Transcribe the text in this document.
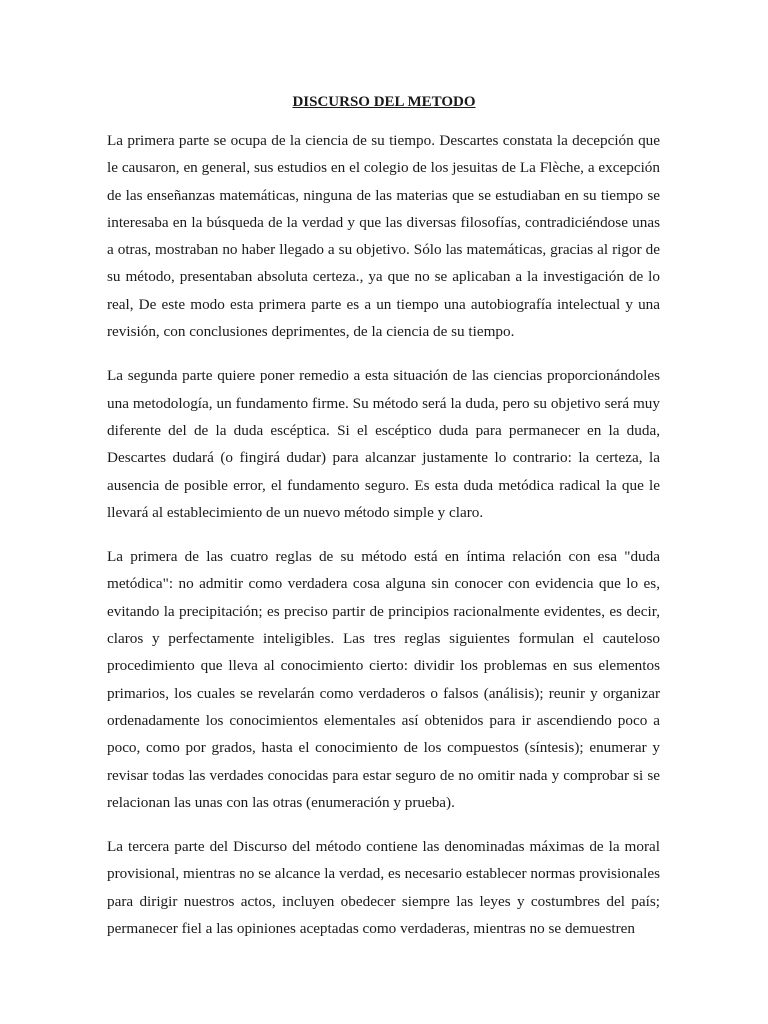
DISCURSO DEL METODO

La primera parte se ocupa de la ciencia de su tiempo. Descartes constata la decepción que le causaron, en general, sus estudios en el colegio de los jesuitas de La Flèche, a excepción de las enseñanzas matemáticas, ninguna de las materias que se estudiaban en su tiempo se interesaba en la búsqueda de la verdad y que las diversas filosofías, contradiciéndose unas a otras, mostraban no haber llegado a su objetivo. Sólo las matemáticas, gracias al rigor de su método, presentaban absoluta certeza., ya que no se aplicaban a la investigación de lo real, De este modo esta primera parte es a un tiempo una autobiografía intelectual y una revisión, con conclusiones deprimentes, de la ciencia de su tiempo.

La segunda parte quiere poner remedio a esta situación de las ciencias proporcionándoles una metodología, un fundamento firme. Su método será la duda, pero su objetivo será muy diferente del de la duda escéptica. Si el escéptico duda para permanecer en la duda, Descartes dudará (o fingirá dudar) para alcanzar justamente lo contrario: la certeza, la ausencia de posible error, el fundamento seguro. Es esta duda metódica radical la que le llevará al establecimiento de un nuevo método simple y claro.

La primera de las cuatro reglas de su método está en íntima relación con esa "duda metódica": no admitir como verdadera cosa alguna sin conocer con evidencia que lo es, evitando la precipitación; es preciso partir de principios racionalmente evidentes, es decir, claros y perfectamente inteligibles. Las tres reglas siguientes formulan el cauteloso procedimiento que lleva al conocimiento cierto: dividir los problemas en sus elementos primarios, los cuales se revelarán como verdaderos o falsos (análisis); reunir y organizar ordenadamente los conocimientos elementales así obtenidos para ir ascendiendo poco a poco, como por grados, hasta el conocimiento de los compuestos (síntesis); enumerar y revisar todas las verdades conocidas para estar seguro de no omitir nada y comprobar si se relacionan las unas con las otras (enumeración y prueba).

La tercera parte del Discurso del método contiene las denominadas máximas de la moral provisional, mientras no se alcance la verdad, es necesario establecer normas provisionales para dirigir nuestros actos, incluyen obedecer siempre las leyes y costumbres del país; permanecer fiel a las opiniones aceptadas como verdaderas, mientras no se demuestren
